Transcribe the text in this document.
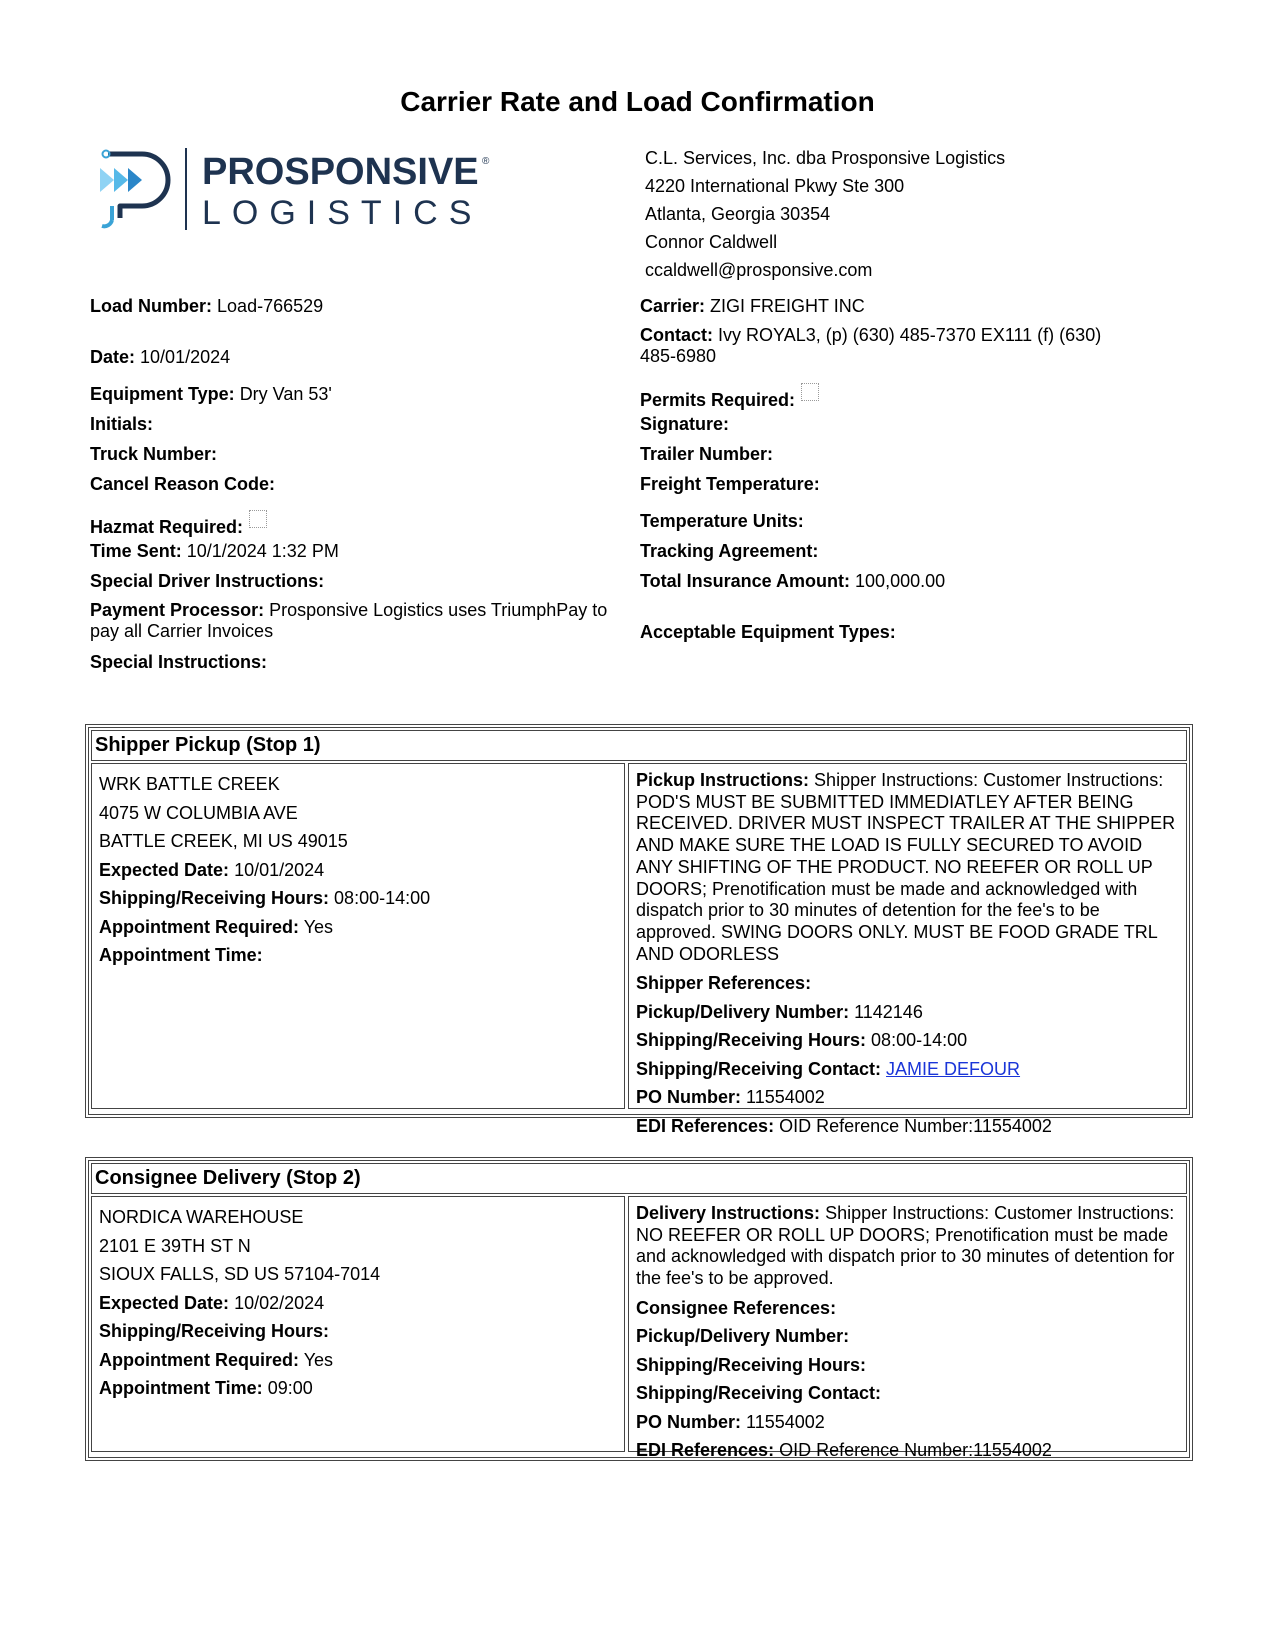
Carrier Rate and Load Confirmation
PROSPONSIVE ®
LOGISTICS
C.L. Services, Inc. dba Prosponsive Logistics
4220 International Pkwy Ste 300
Atlanta, Georgia 30354
Connor Caldwell
ccaldwell@prosponsive.com
Load Number: Load-766529
Date: 10/01/2024
Equipment Type: Dry Van 53'
Initials:
Truck Number:
Cancel Reason Code:
Hazmat Required:
Time Sent: 10/1/2024 1:32 PM
Special Driver Instructions:
Payment Processor: Prosponsive Logistics uses TriumphPay to pay all Carrier Invoices
Special Instructions:
Carrier: ZIGI FREIGHT INC
Contact: Ivy ROYAL3, (p) (630) 485-7370 EX111 (f) (630) 485-6980
Permits Required:
Signature:
Trailer Number:
Freight Temperature:
Temperature Units:
Tracking Agreement:
Total Insurance Amount: 100,000.00
Acceptable Equipment Types:
Shipper Pickup (Stop 1)
WRK BATTLE CREEK
4075 W COLUMBIA AVE
BATTLE CREEK, MI US 49015
Expected Date: 10/01/2024
Shipping/Receiving Hours: 08:00-14:00
Appointment Required: Yes
Appointment Time:
Pickup Instructions: Shipper Instructions: Customer Instructions: POD'S MUST BE SUBMITTED IMMEDIATLEY AFTER BEING RECEIVED. DRIVER MUST INSPECT TRAILER AT THE SHIPPER AND MAKE SURE THE LOAD IS FULLY SECURED TO AVOID ANY SHIFTING OF THE PRODUCT. NO REEFER OR ROLL UP DOORS; Prenotification must be made and acknowledged with dispatch prior to 30 minutes of detention for the fee's to be approved. SWING DOORS ONLY. MUST BE FOOD GRADE TRL AND ODORLESS
Shipper References:
Pickup/Delivery Number: 1142146
Shipping/Receiving Hours: 08:00-14:00
Shipping/Receiving Contact: JAMIE DEFOUR
PO Number: 11554002
EDI References: OID Reference Number:11554002
Consignee Delivery (Stop 2)
NORDICA WAREHOUSE
2101 E 39TH ST N
SIOUX FALLS, SD US 57104-7014
Expected Date: 10/02/2024
Shipping/Receiving Hours:
Appointment Required: Yes
Appointment Time: 09:00
Delivery Instructions: Shipper Instructions: Customer Instructions: NO REEFER OR ROLL UP DOORS; Prenotification must be made and acknowledged with dispatch prior to 30 minutes of detention for the fee's to be approved.
Consignee References:
Pickup/Delivery Number:
Shipping/Receiving Hours:
Shipping/Receiving Contact:
PO Number: 11554002
EDI References: OID Reference Number:11554002
